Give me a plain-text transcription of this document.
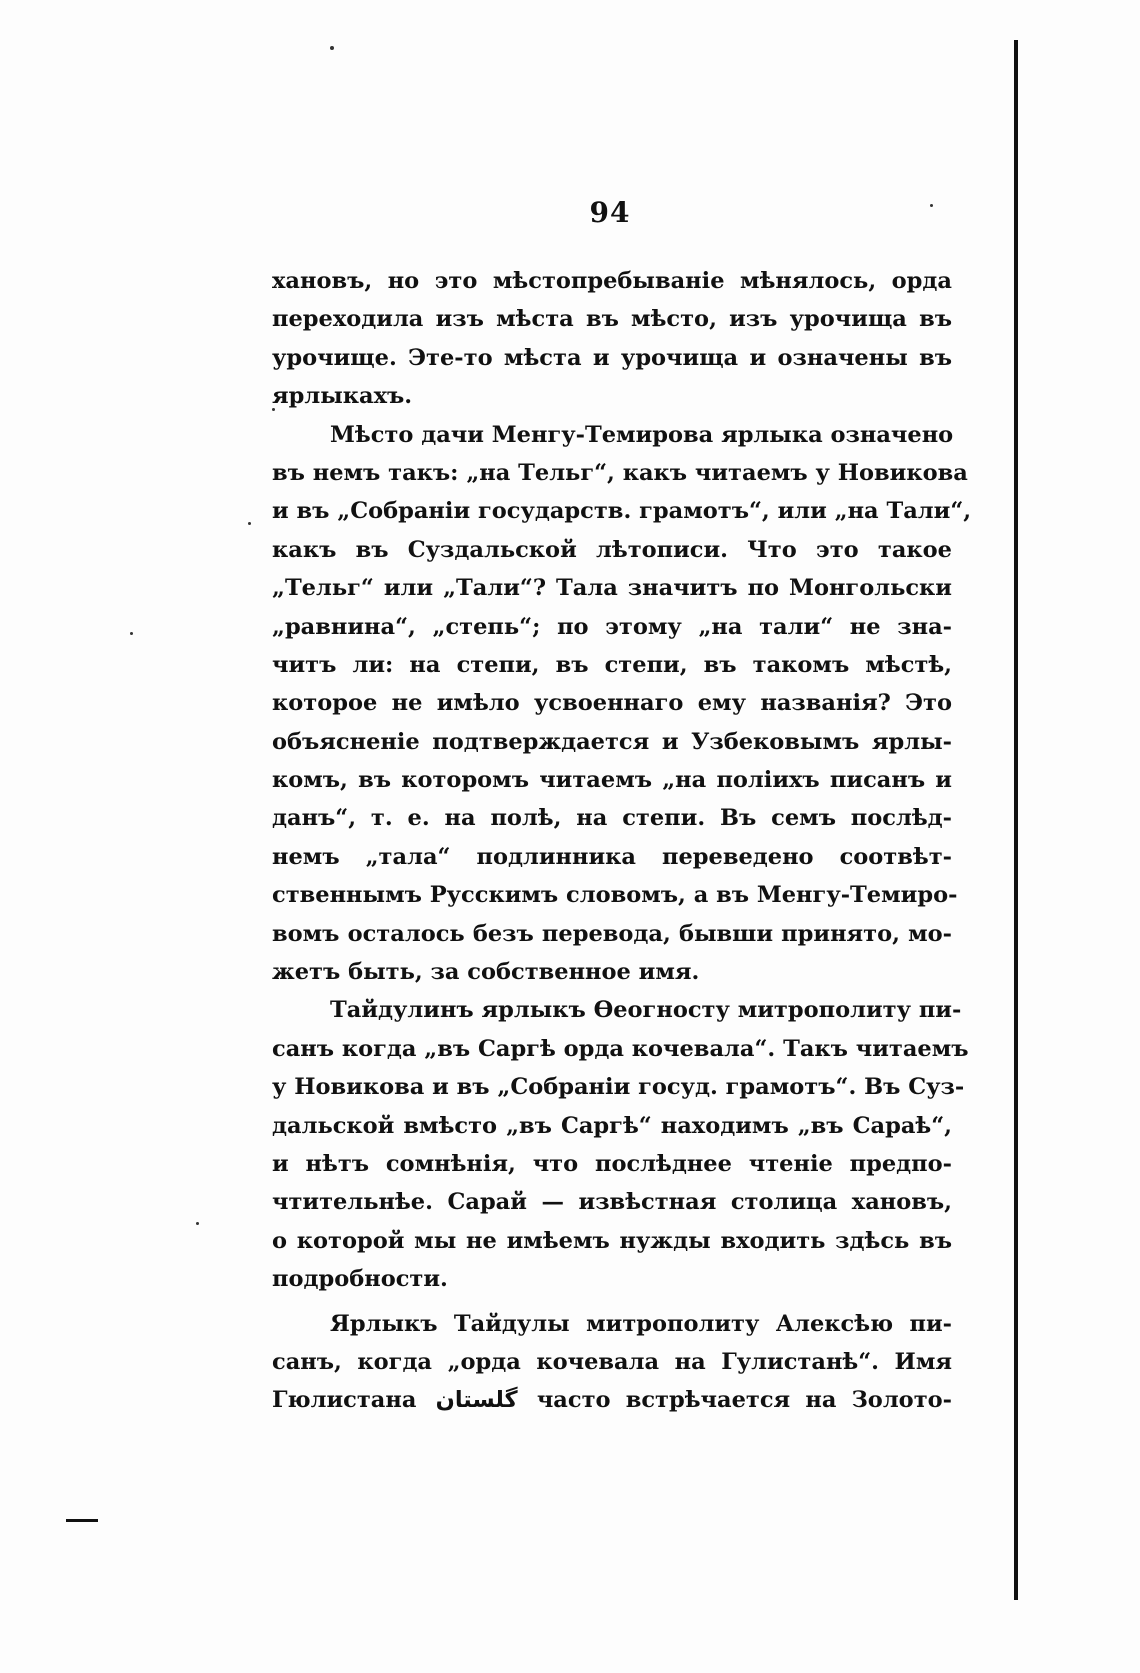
94
хановъ, но это мѣстопребываніе мѣнялось, орда
переходила изъ мѣста въ мѣсто, изъ урочища въ
урочище. Эте-то мѣста и урочища и означены въ
ярлыкахъ.
Мѣсто дачи Менгу-Темирова ярлыка означено
въ немъ такъ: „на Тельг“, какъ читаемъ у Новикова
и въ „Собраніи государств. грамотъ“, или „на Тали“,
какъ въ Суздальской лѣтописи. Что это такое
„Тельг“ или „Тали“? Тала значитъ по Монгольски
„равнина“, „степь“; по этому „на тали“ не зна-
читъ ли: на степи, въ степи, въ такомъ мѣстѣ,
которое не имѣло усвоеннаго ему названія? Это
объясненіе подтверждается и Узбековымъ ярлы-
комъ, въ которомъ читаемъ „на поліихъ писанъ и
данъ“, т. е. на полѣ, на степи. Въ семъ послѣд-
немъ „тала“ подлинника переведено соотвѣт-
ственнымъ Русскимъ словомъ, а въ Менгу-Темиро-
вомъ осталось безъ перевода, бывши принято, мо-
жетъ быть, за собственное имя.
Тайдулинъ ярлыкъ Ѳеогносту митрополиту пи-
санъ когда „въ Саргѣ орда кочевала“. Такъ читаемъ
у Новикова и въ „Собраніи госуд. грамотъ“. Въ Суз-
дальской вмѣсто „въ Саргѣ“ находимъ „въ Сараѣ“,
и нѣтъ сомнѣнія, что послѣднее чтеніе предпо-
чтительнѣе. Сарай — извѣстная столица хановъ,
о которой мы не имѣемъ нужды входить здѣсь въ
подробности.
Ярлыкъ Тайдулы митрополиту Алексѣю пи-
санъ, когда „орда кочевала на Гулистанѣ“. Имя
Гюлистана گلستان часто встрѣчается на Золото-
